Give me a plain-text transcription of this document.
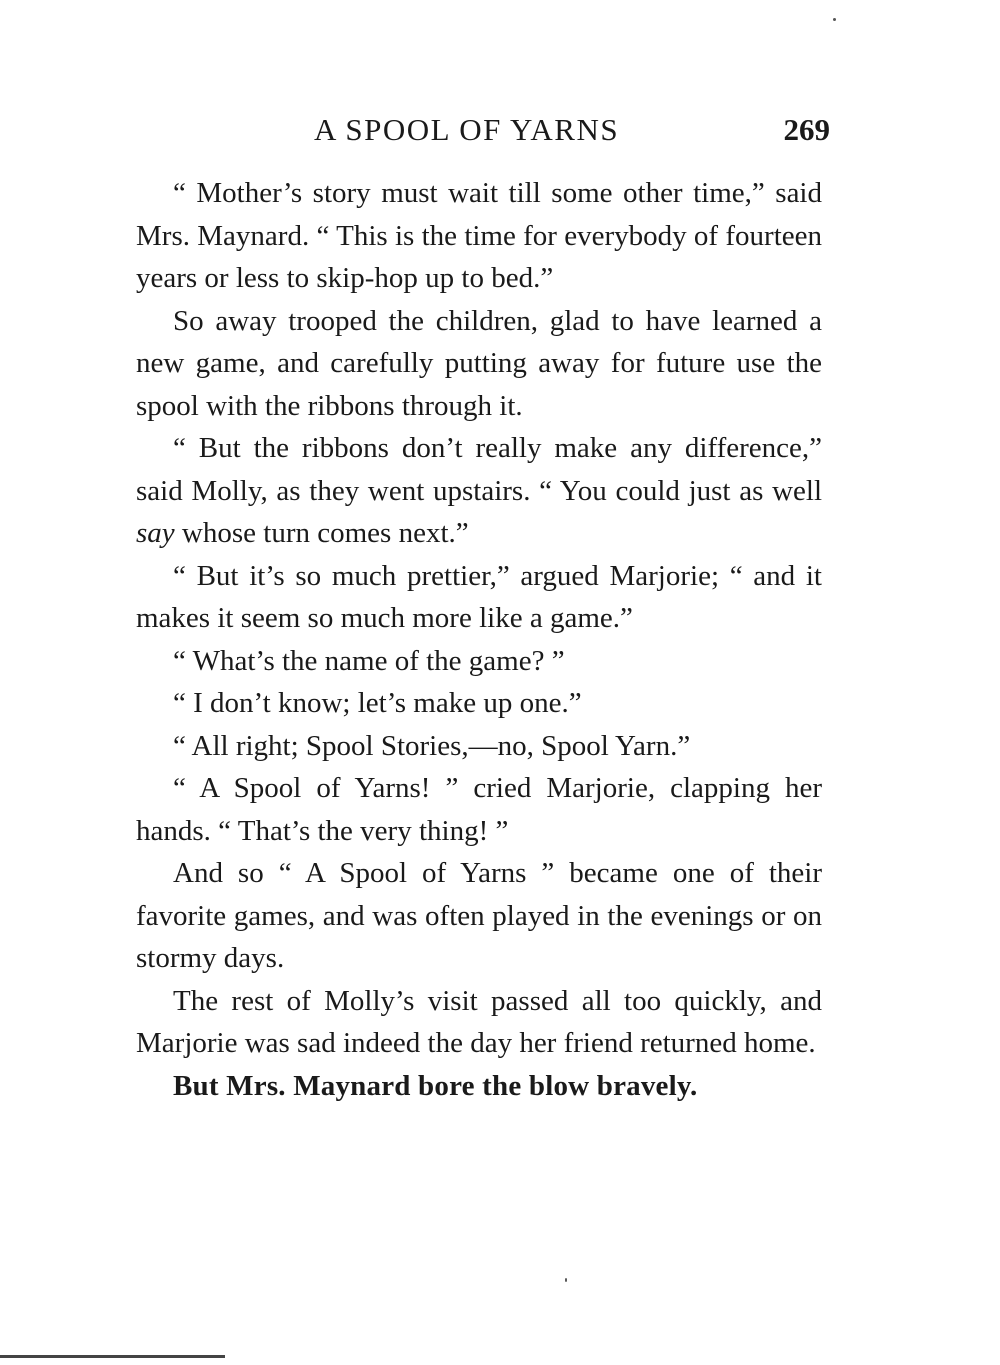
A SPOOL OF YARNS	269

“ Mother’s story must wait till some other time,” said Mrs. Maynard. “ This is the time for everybody of fourteen years or less to skip-hop up to bed.”

So away trooped the children, glad to have learned a new game, and carefully putting away for future use the spool with the ribbons through it.

“ But the ribbons don’t really make any difference,” said Molly, as they went upstairs. “ You could just as well say whose turn comes next.”

“ But it’s so much prettier,” argued Marjorie; “ and it makes it seem so much more like a game.”

“ What’s the name of the game? ”

“ I don’t know; let’s make up one.”

“ All right; Spool Stories,—no, Spool Yarn.”

“ A Spool of Yarns! ” cried Marjorie, clapping her hands. “ That’s the very thing! ”

And so “ A Spool of Yarns ” became one of their favorite games, and was often played in the evenings or on stormy days.

The rest of Molly’s visit passed all too quickly, and Marjorie was sad indeed the day her friend returned home.

But Mrs. Maynard bore the blow bravely.
